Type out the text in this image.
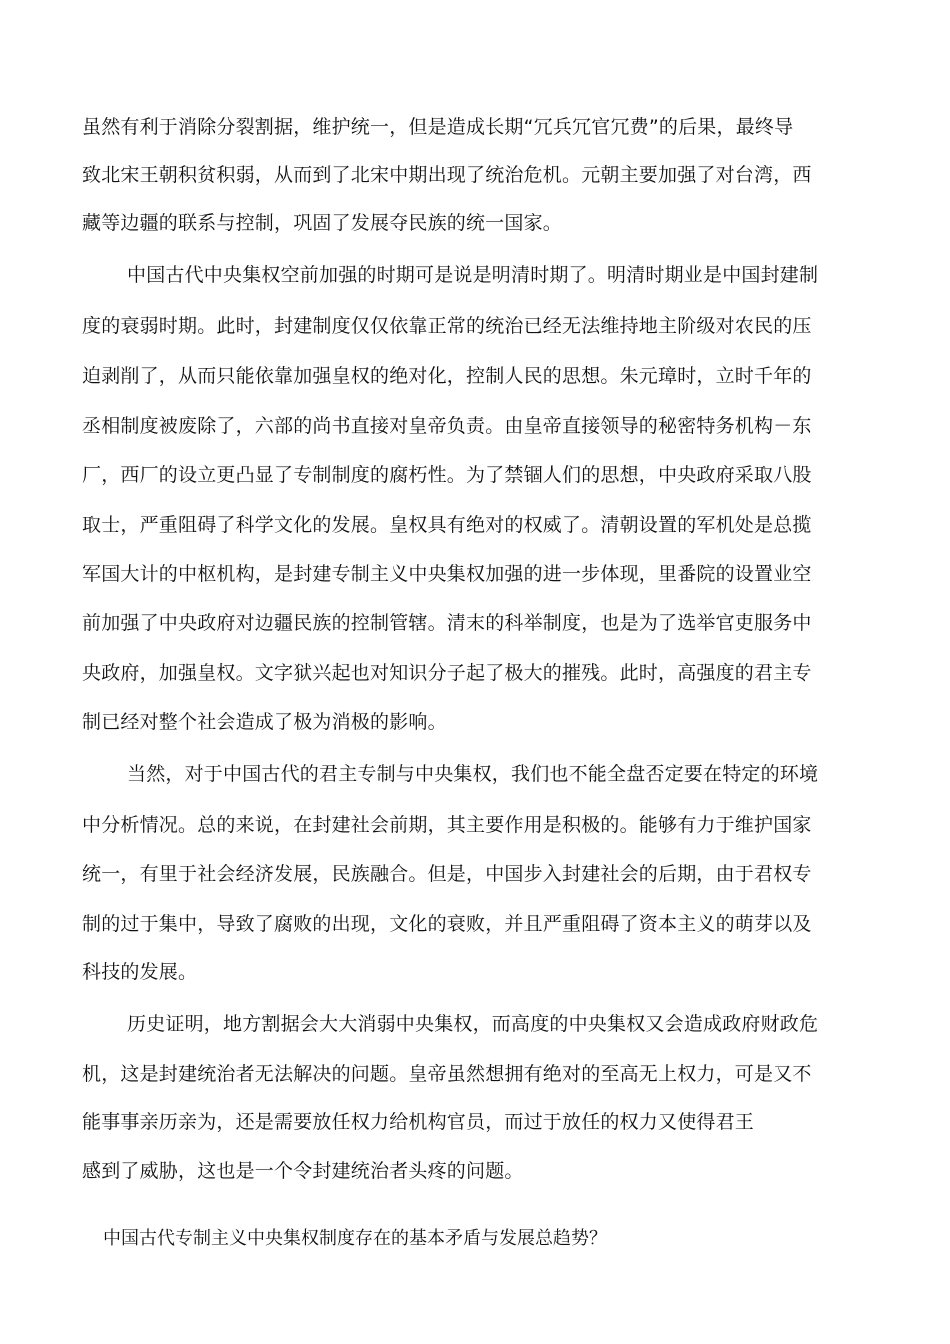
虽然有利于消除分裂割据，维护统一，但是造成长期“冗兵冗官冗费”的后果，最终导
致北宋王朝积贫积弱，从而到了北宋中期出现了统治危机。元朝主要加强了对台湾，西
藏等边疆的联系与控制，巩固了发展夺民族的统一国家。
中国古代中央集权空前加强的时期可是说是明清时期了。明清时期业是中国封建制
度的衰弱时期。此时，封建制度仅仅依靠正常的统治已经无法维持地主阶级对农民的压
迫剥削了，从而只能依靠加强皇权的绝对化，控制人民的思想。朱元璋时，立时千年的
丞相制度被废除了，六部的尚书直接对皇帝负责。由皇帝直接领导的秘密特务机构－东
厂，西厂的设立更凸显了专制制度的腐朽性。为了禁锢人们的思想，中央政府采取八股
取士，严重阻碍了科学文化的发展。皇权具有绝对的权威了。清朝设置的军机处是总揽
军国大计的中枢机构，是封建专制主义中央集权加强的进一步体现，里番院的设置业空
前加强了中央政府对边疆民族的控制管辖。清末的科举制度，也是为了选举官吏服务中
央政府，加强皇权。文字狱兴起也对知识分子起了极大的摧残。此时，高强度的君主专
制已经对整个社会造成了极为消极的影响。
当然，对于中国古代的君主专制与中央集权，我们也不能全盘否定要在特定的环境
中分析情况。总的来说，在封建社会前期，其主要作用是积极的。能够有力于维护国家
统一，有里于社会经济发展，民族融合。但是，中国步入封建社会的后期，由于君权专
制的过于集中，导致了腐败的出现，文化的衰败，并且严重阻碍了资本主义的萌芽以及
科技的发展。
历史证明，地方割据会大大消弱中央集权，而高度的中央集权又会造成政府财政危
机，这是封建统治者无法解决的问题。皇帝虽然想拥有绝对的至高无上权力，可是又不
能事事亲历亲为，还是需要放任权力给机构官员，而过于放任的权力又使得君王
感到了威胁，这也是一个令封建统治者头疼的问题。
中国古代专制主义中央集权制度存在的基本矛盾与发展总趋势？
